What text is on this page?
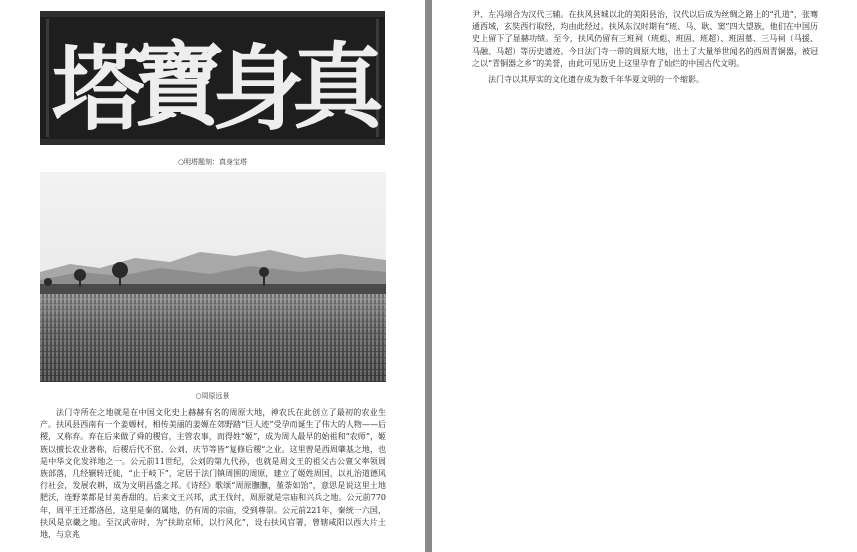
塔
寶
身
真
○明塔题刻：真身宝塔
○周原远景

法门寺所在之地就是在中国文化史上赫赫有名的周原大地，神农氏在此创立了最初的农业生产。扶风县西南有一个姜嫄村，相传美丽的姜嫄在郊野踏“巨人迹”受孕而诞生了伟大的人物——后稷，又称弃。弃在后来做了舜的稷官，主管农事，而得姓“姬”，成为周人最早的始祖和“农师”，姬族以擅长农业著称，后稷后代不窋、公刘、庆节等皆“复修后稷”之业。这里曾是西周肇基之地，也是中华文化发祥地之一。公元前11世纪，公刘的第九代孙，也就是周文王的祖父古公亶父率领周族部落，几经辗转迁徙，“止于岐下”，定居于法门镇周围的周原，建立了姬姓周国，以礼治道德风行社会，发展农耕，成为文明昌盛之邦。《诗经》歌颂“周原膴膴，堇荼如饴”，意思是说这里土地肥沃，连野菜都是甘美香甜的。后来文王兴邦，武王伐纣，周原就是宗庙和兴兵之地。公元前770年，周平王迁都洛邑，这里是秦的属地，仍有周的宗庙，受到尊崇。公元前221年，秦统一六国，扶风是京畿之地。至汉武帝时，为“扶助京师，以行风化”，设右扶风官署，曾辖咸阳以西大片土地，与京兆

尹、左冯翊合为汉代三辅。在扶风县城以北的美阳县治，汉代以后成为丝绸之路上的“孔道”，张骞通西域，玄奘西行取经，均由此经过。扶风东汉时期有“班、马、耿、窦”四大望族，他们在中国历史上留下了显赫功绩。至今，扶风仍留有三班祠（班彪、班固、班超）、班固墓、三马祠（马援、马融、马超）等历史遗迹。今日法门寺一带的周原大地，出土了大量举世闻名的西周青铜器，被冠之以“青铜器之乡”的美誉，由此可见历史上这里孕育了灿烂的中国古代文明。

法门寺以其厚实的文化遗存成为数千年华夏文明的一个缩影。
